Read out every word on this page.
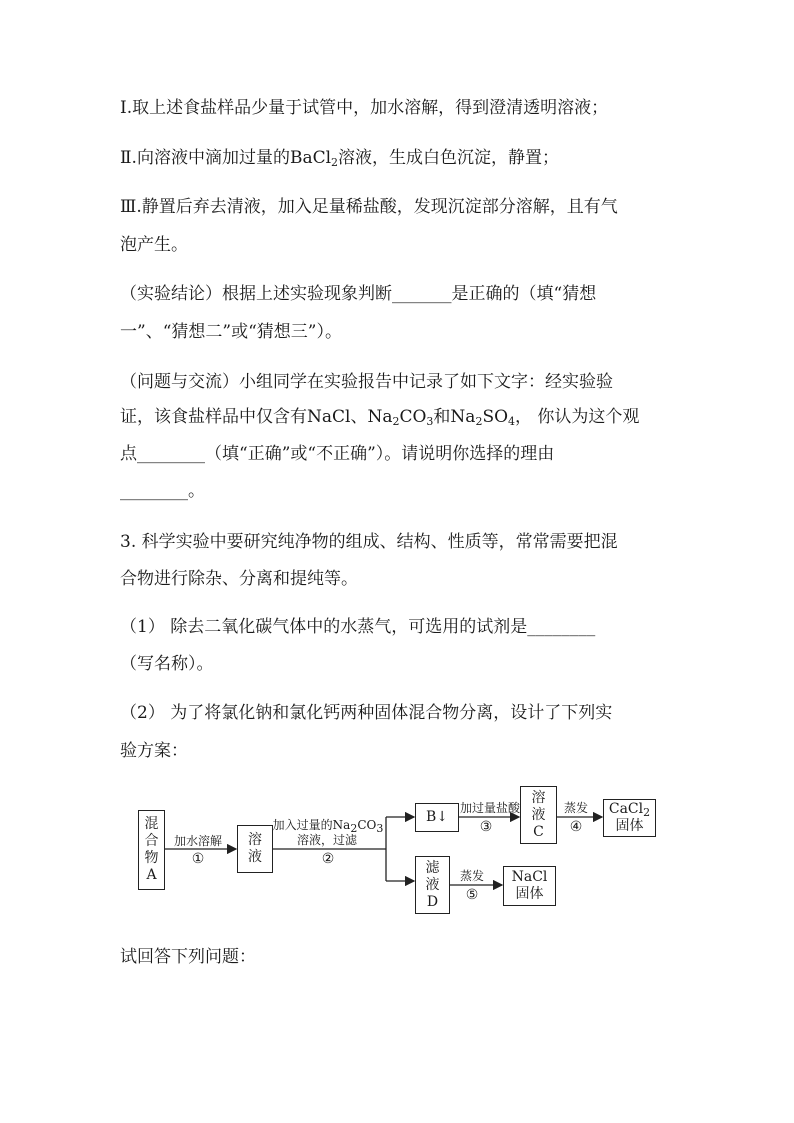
Ⅰ.取上述食盐样品少量于试管中，加水溶解，得到澄清透明溶液；
Ⅱ.向溶液中滴加过量的BaCl$_2$溶液，生成白色沉淀，静置；
Ⅲ.静置后弃去清液，加入足量稀盐酸，发现沉淀部分溶解，且有气
泡产生。
（实验结论）根据上述实验现象判断_______是正确的（填“猜想
一”、“猜想二”或“猜想三”）。
（问题与交流）小组同学在实验报告中记录了如下文字：经实验验
证，该食盐样品中仅含有NaCl、$Na_2CO_3$和$Na_2SO_4$， 你认为这个观
点________（填“正确”或“不正确”）。请说明你选择的理由
________。
3. 科学实验中要研究纯净物的组成、结构、性质等，常常需要把混
合物进行除杂、分离和提纯等。
（1） 除去二氧化碳气体中的水蒸气，可选用的试剂是________
（写名称）。
（2） 为了将氯化钠和氯化钙两种固体混合物分离，设计了下列实
验方案：
混
合
物
A
加水溶解
①
溶
液
加入过量的$Na_2CO_3$
溶液，过滤
②
B↓
加过量盐酸
③
溶
液
C
蒸发
④
CaCl$_2$
固体
滤
液
D
蒸发
⑤
NaCl
固体
试回答下列问题：
